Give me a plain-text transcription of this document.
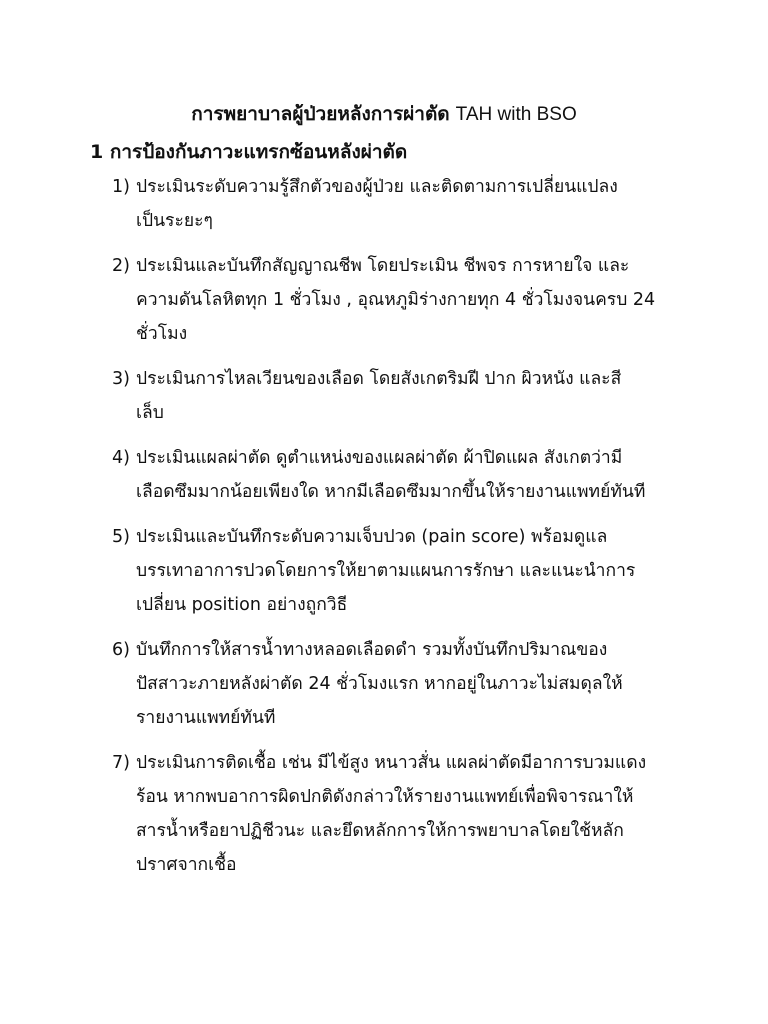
การพยาบาลผู้ป่วยหลังการผ่าตัด TAH with BSO
1 การป้องกันภาวะแทรกซ้อนหลังผ่าตัด
1) ประเมินระดับความรู้สึกตัวของผู้ป่วย และติดตามการเปลี่ยนแปลง
เป็นระยะๆ
2) ประเมินและบันทึกสัญญาณชีพ โดยประเมิน ชีพจร การหายใจ และ
ความดันโลหิตทุก 1 ชั่วโมง , อุณหภูมิร่างกายทุก 4 ชั่วโมงจนครบ 24
ชั่วโมง
3) ประเมินการไหลเวียนของเลือด โดยสังเกตริมฝี ปาก ผิวหนัง และสี
เล็บ
4) ประเมินแผลผ่าตัด ดูตำแหน่งของแผลผ่าตัด ผ้าปิดแผล สังเกตว่ามี
เลือดซึมมากน้อยเพียงใด หากมีเลือดซึมมากขึ้นให้รายงานแพทย์ทันที
5) ประเมินและบันทึกระดับความเจ็บปวด (pain score) พร้อมดูแล
บรรเทาอาการปวดโดยการให้ยาตามแผนการรักษา และแนะนำการ
เปลี่ยน position อย่างถูกวิธี
6) บันทึกการให้สารน้ำทางหลอดเลือดดำ รวมทั้งบันทึกปริมาณของ
ปัสสาวะภายหลังผ่าตัด 24 ชั่วโมงแรก หากอยู่ในภาวะไม่สมดุลให้
รายงานแพทย์ทันที
7) ประเมินการติดเชื้อ เช่น มีไข้สูง หนาวสั่น แผลผ่าตัดมีอาการบวมแดง
ร้อน หากพบอาการผิดปกติดังกล่าวให้รายงานแพทย์เพื่อพิจารณาให้
สารน้ำหรือยาปฏิชีวนะ และยึดหลักการให้การพยาบาลโดยใช้หลัก
ปราศจากเชื้อ
